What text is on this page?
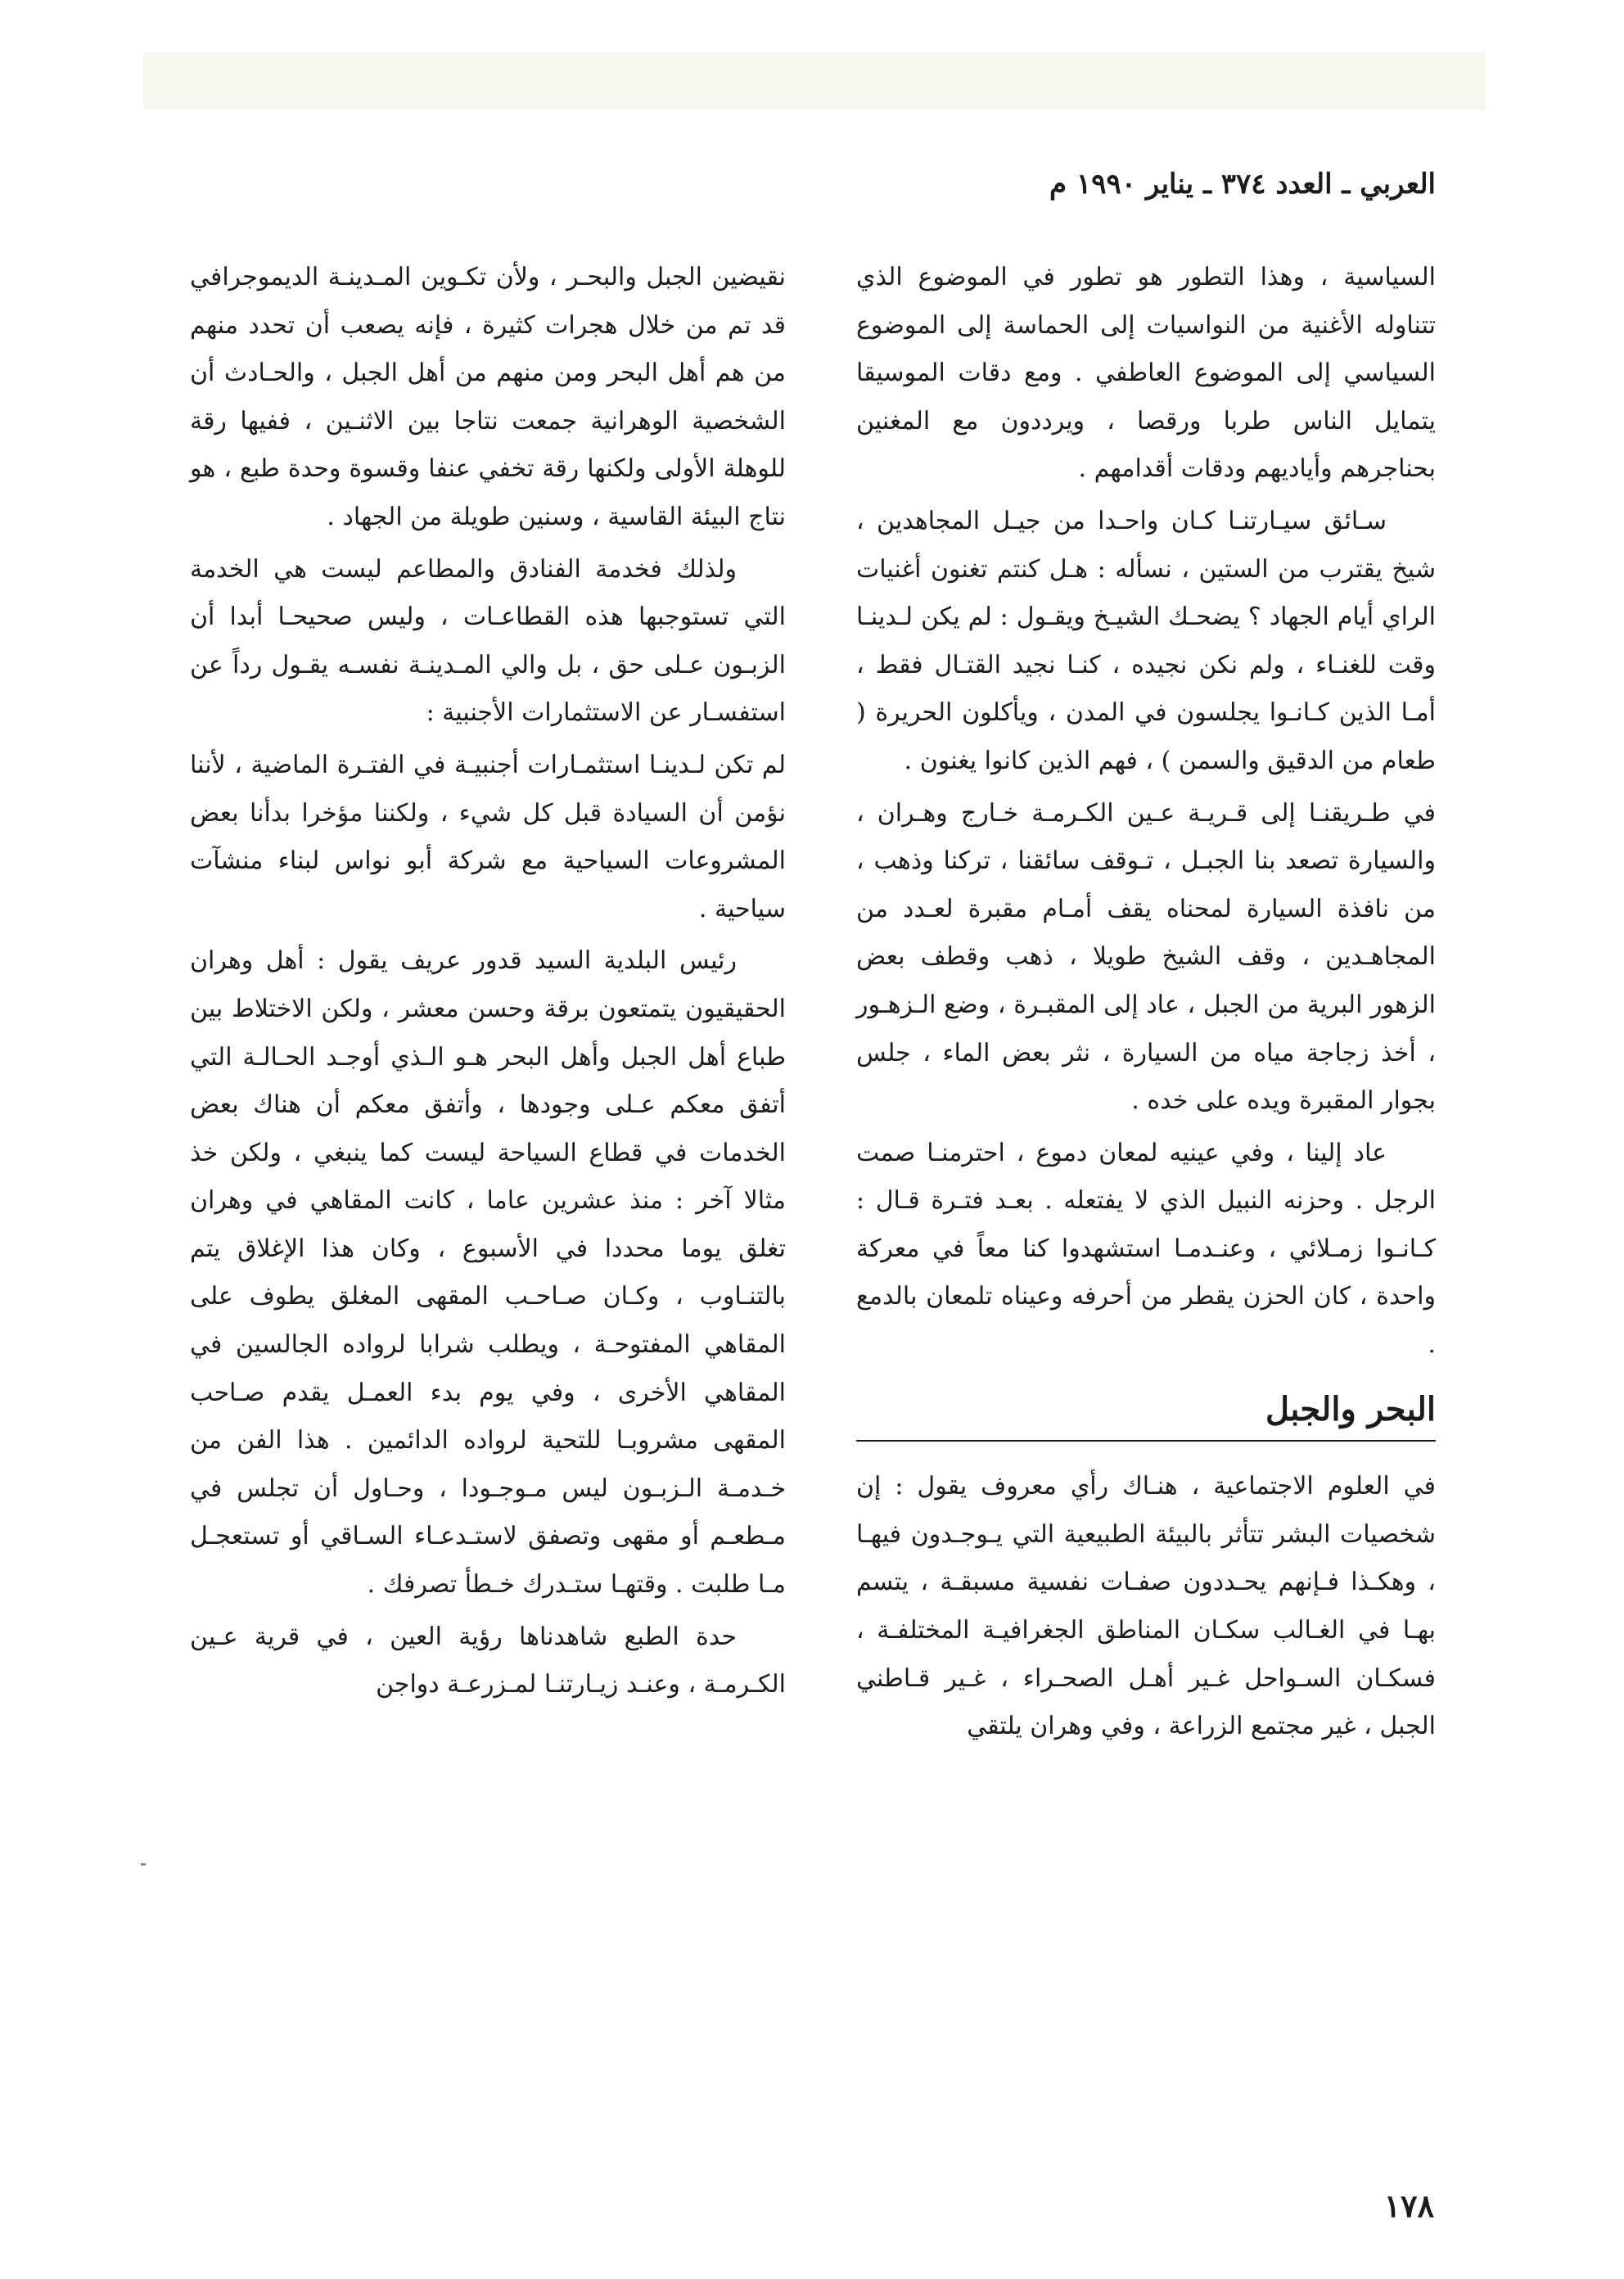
العربي ـ العدد ٣٧٤ ـ يناير ١٩٩٠ م

السياسية ، وهذا التطور هو تطور في الموضوع الذي تتناوله الأغنية من النواسيات إلى الحماسة إلى الموضوع السياسي إلى الموضوع العاطفي . ومع دقات الموسيقا يتمايل الناس طربا ورقصا ، ويرددون مع المغنين بحناجرهم وأياديهم ودقات أقدامهم .

سـائق سيـارتنـا كـان واحـدا من جيـل المجاهدين ، شيخ يقترب من الستين ، نسأله : هـل كنتم تغنون أغنيات الراي أيام الجهاد ؟ يضحـك الشيـخ ويقـول : لم يكن لـدينـا وقت للغنـاء ، ولم نكن نجيده ، كنـا نجيد القتـال فقط ، أمـا الذين كـانـوا يجلسون في المدن ، ويأكلون الحريرة ( طعام من الدقيق والسمن ) ، فهم الذين كانوا يغنون .

في طـريقنـا إلى قـريـة عـين الكـرمـة خـارج وهـران ، والسيارة تصعد بنا الجبـل ، تـوقف سائقنا ، تركنا وذهب ، من نافذة السيارة لمحناه يقف أمـام مقبرة لعـدد من المجاهـدين ، وقف الشيخ طويلا ، ذهب وقطف بعض الزهور البرية من الجبل ، عاد إلى المقبـرة ، وضع الـزهـور ، أخذ زجاجة مياه من السيارة ، نثر بعض الماء ، جلس بجوار المقبرة ويده على خده .

عاد إلينا ، وفي عينيه لمعان دموع ، احترمنـا صمت الرجل . وحزنه النبيل الذي لا يفتعله . بعـد فتـرة قـال : كـانـوا زمـلائي ، وعنـدمـا استشهدوا كنا معاً في معركة واحدة ، كان الحزن يقطر من أحرفه وعيناه تلمعان بالدمع .

البحر والجبل

في العلوم الاجتماعية ، هنـاك رأي معروف يقول : إن شخصيات البشر تتأثر بالبيئة الطبيعية التي يـوجـدون فيهـا ، وهكـذا فـإنهم يحـددون صفـات نفسية مسبقـة ، يتسم بهـا في الغـالب سكـان المناطق الجغرافيـة المختلفـة ، فسكـان السـواحل غـير أهـل الصحـراء ، غـير قـاطني الجبل ، غير مجتمع الزراعة ، وفي وهران يلتقي

نقيضين الجبل والبحـر ، ولأن تكـوين المـدينـة الديموجرافي قد تم من خلال هجرات كثيرة ، فإنه يصعب أن تحدد منهم من هم أهل البحر ومن منهم من أهل الجبل ، والحـادث أن الشخصية الوهرانية جمعت نتاجا بين الاثنـين ، ففيها رقة للوهلة الأولى ولكنها رقة تخفي عنفا وقسوة وحدة طبع ، هو نتاج البيئة القاسية ، وسنين طويلة من الجهاد .

ولذلك فخدمة الفنادق والمطاعم ليست هي الخدمة التي تستوجبها هذه القطاعـات ، وليس صحيحـا أبدا أن الزبـون عـلى حق ، بل والي المـدينـة نفسـه يقـول رداً عن استفسـار عن الاستثمارات الأجنبية :

لم تكن لـدينـا استثمـارات أجنبيـة في الفتـرة الماضية ، لأننا نؤمن أن السيادة قبل كل شيء ، ولكننا مؤخرا بدأنا بعض المشروعات السياحية مع شركة أبو نواس لبناء منشآت سياحية .

رئيس البلدية السيد قدور عريف يقول : أهل وهران الحقيقيون يتمتعون برقة وحسن معشر ، ولكن الاختلاط بين طباع أهل الجبل وأهل البحر هـو الـذي أوجـد الحـالـة التي أتفق معكم عـلى وجودها ، وأتفق معكم أن هناك بعض الخدمات في قطاع السياحة ليست كما ينبغي ، ولكن خذ مثالا آخر : منذ عشرين عاما ، كانت المقاهي في وهران تغلق يوما محددا في الأسبوع ، وكان هذا الإغلاق يتم بالتنـاوب ، وكـان صـاحـب المقهى المغلق يطوف على المقاهي المفتوحـة ، ويطلب شرابا لرواده الجالسين في المقاهي الأخرى ، وفي يوم بدء العمـل يقدم صـاحب المقهى مشروبـا للتحية لرواده الدائمين . هذا الفن من خـدمـة الـزبـون ليس مـوجـودا ، وحـاول أن تجلس في مـطعـم أو مقهى وتصفق لاستـدعـاء السـاقي أو تستعجـل مـا طلبت . وقتهـا ستـدرك خـطأ تصرفك .

حدة الطبع شاهدناها رؤية العين ، في قرية عـين الكـرمـة ، وعنـد زيـارتنـا لمـزرعـة دواجن

١٧٨
